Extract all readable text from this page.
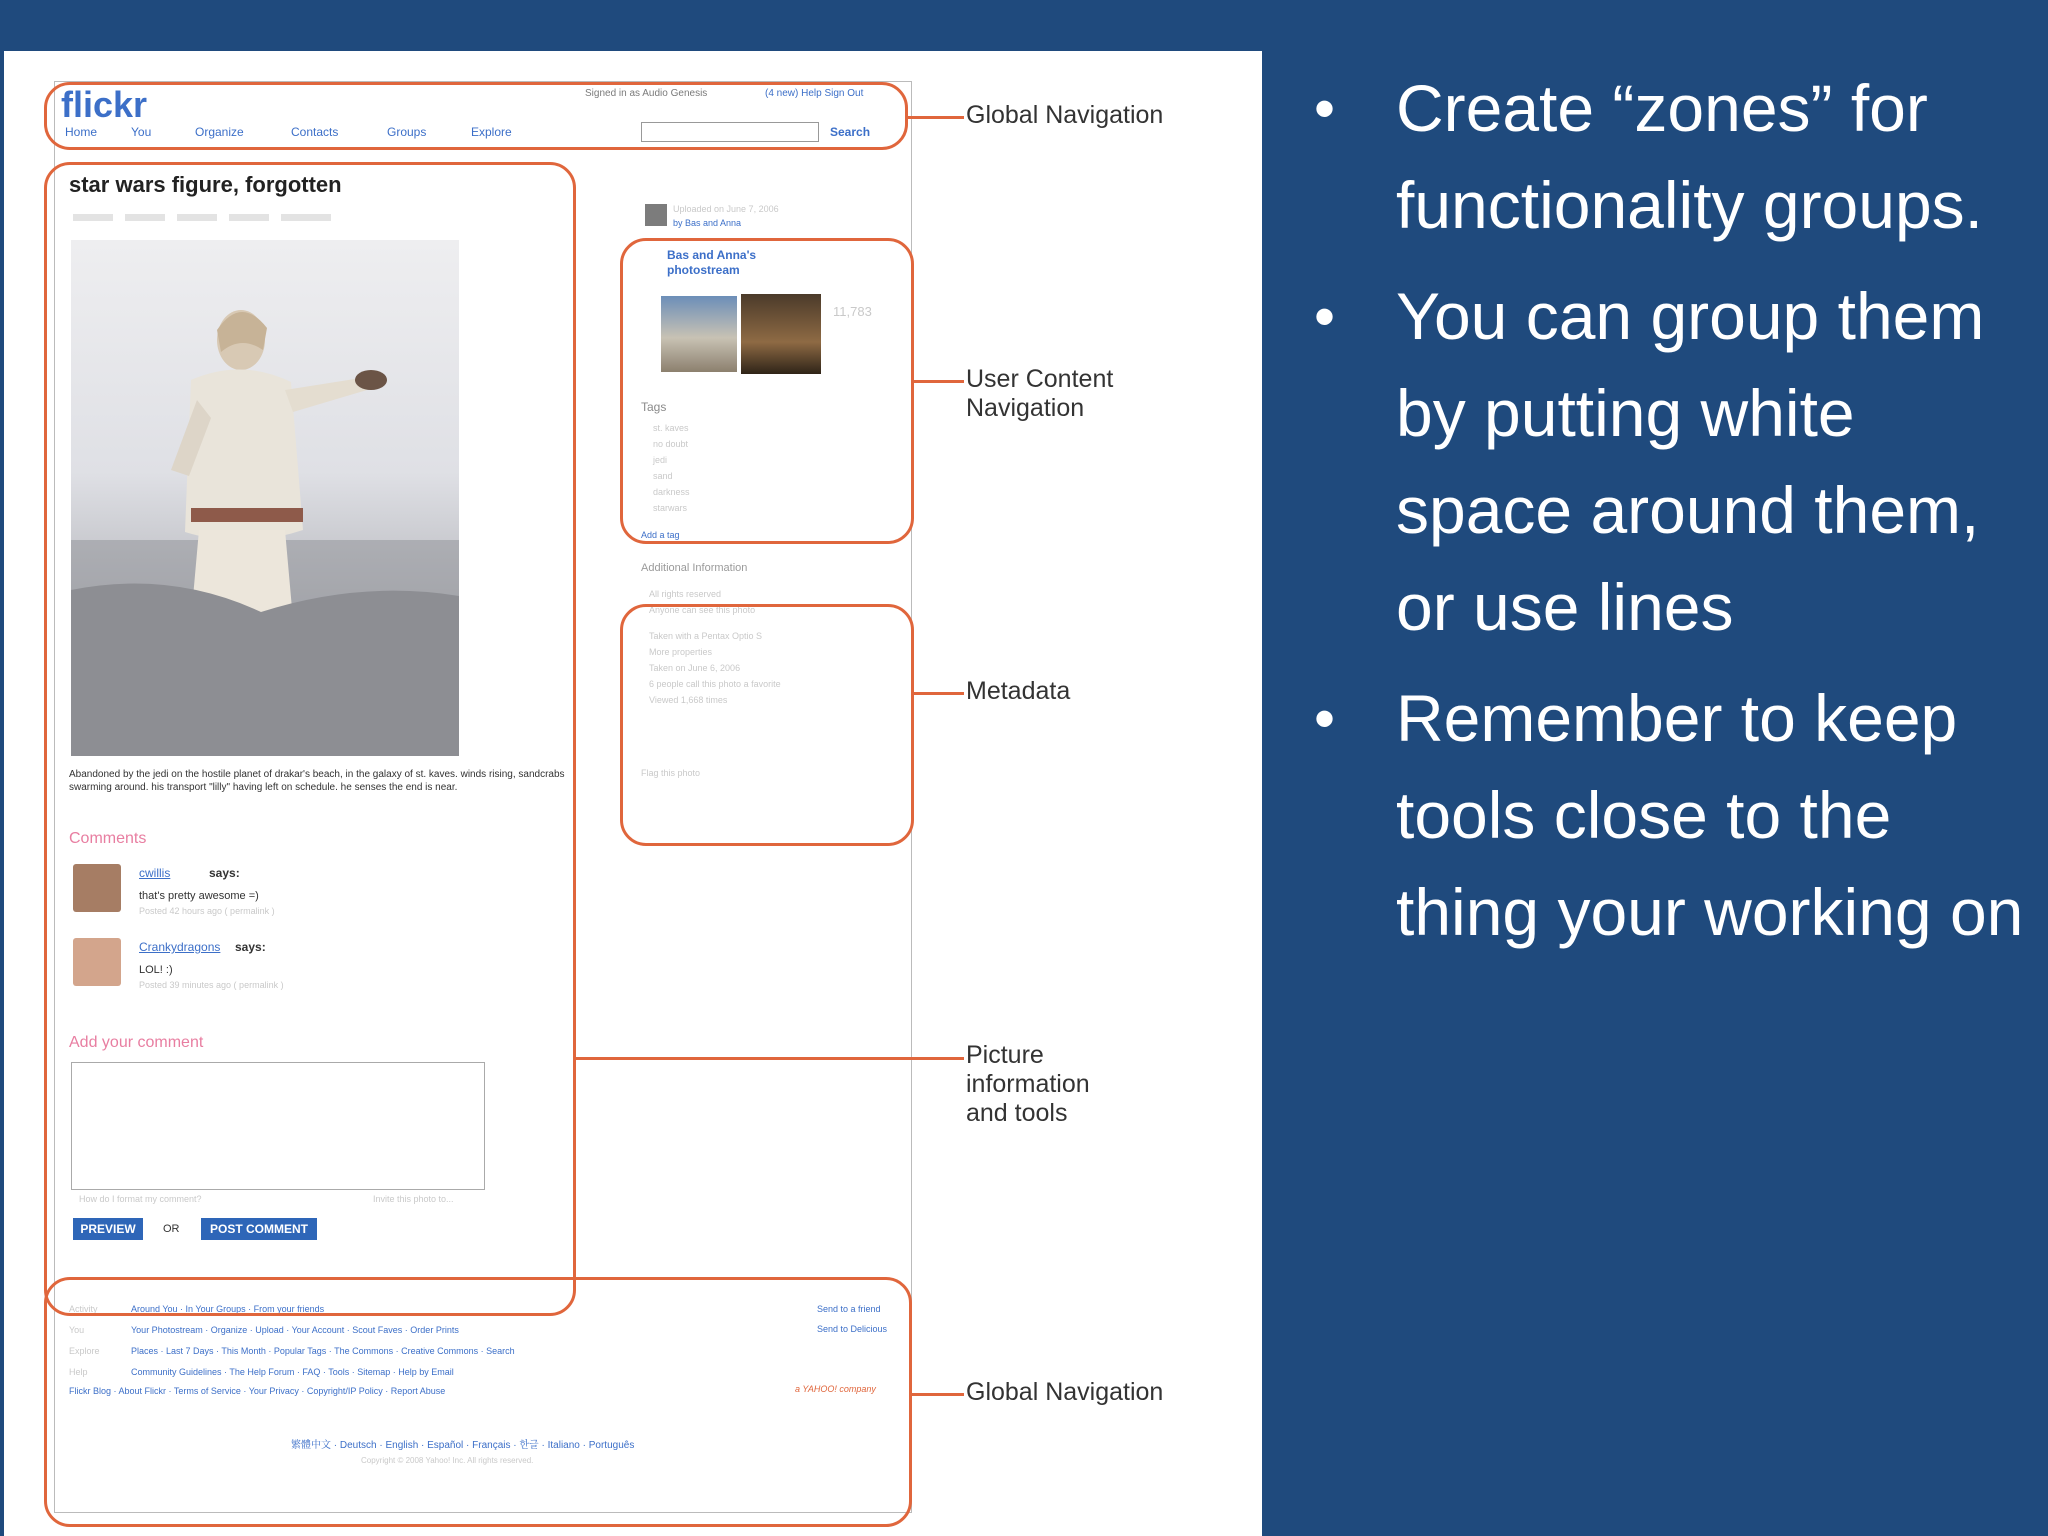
flickr	Signed in as Audio Genesis	(4 new) Help Sign Out
Home	You	Organize	Contacts	Groups	Explore	Search
star wars figure, forgotten
Abandoned by the jedi on the hostile planet of drakar's beach, in the galaxy of st. kaves. winds rising, sandcrabs swarming around. his transport "lilly" having left on schedule. he senses the end is near.
Comments
cwillis	says:
that's pretty awesome =)
Posted 42 hours ago ( permalink )
Crankydragons says:
LOL! :)
Posted 39 minutes ago ( permalink )
Add your comment
How do I format my comment?	Invite this photo to...
PREVIEW	OR	POST COMMENT
Uploaded on June 7, 2006
by Bas and Anna
Bas and Anna's photostream
11,783
Tags
st. kaves
no doubt
jedi
sand
darkness
starwars
Add a tag
Additional Information
All rights reserved
Anyone can see this photo
Taken with a Pentax Optio S
More properties
Taken on June 6, 2006
6 people call this photo a favorite
Viewed 1,668 times
Flag this photo
Activity	Around You · In Your Groups · From your friends
You	Your Photostream · Organize · Upload · Your Account · Scout Faves · Order Prints
Explore	Places · Last 7 Days · This Month · Popular Tags · The Commons · Creative Commons · Search
Help	Community Guidelines · The Help Forum · FAQ · Tools · Sitemap · Help by Email
Send to a friend
Send to Delicious
Flickr Blog · About Flickr · Terms of Service · Your Privacy · Copyright/IP Policy · Report Abuse	a YAHOO! company
繁體中文 · Deutsch · English · Español · Français · 한글 · Italiano · Português
Copyright © 2008 Yahoo! Inc. All rights reserved.
Global Navigation
User Content Navigation
Metadata
Picture information and tools
Global Navigation
• Create “zones” for functionality groups.
• You can group them by putting white space around them, or use lines
• Remember to keep tools close to the thing your working on
